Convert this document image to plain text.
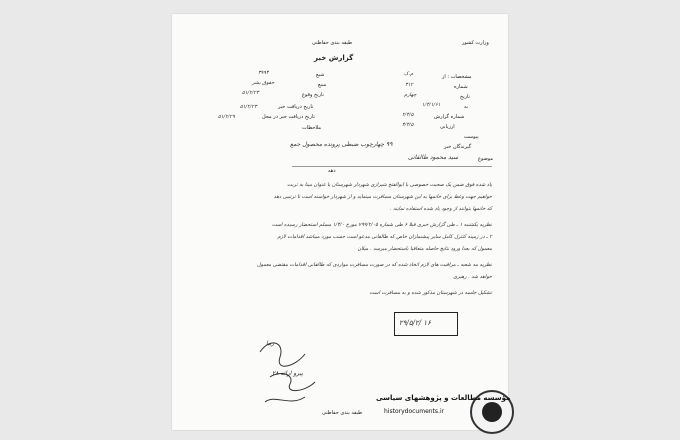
طبقه بندی حفاظتی	وزارت کشور
گزارش خبر
مشخصات : از
م.ک
شماره
۳۱۲
تاریخ
چهارم
به
۱/۴/۱/۶۱
شماره گزارش
۲/۴/۵
ارزیابی
۴/۴/۵
پیوست
گیرندگان خبر
۹۹ چهارچوب ضبطی پرونده محصول جمع
شبع
۳۹۹۴
منبع
حقوق بشر
تاریخ وقوع
۵۱/۲/۲۳
تاریخ دریافت خبر
۵۱/۲/۲۳
تاریخ دریافت خبر در محل
۵۱/۲/۲۹
ملاحظات
موضوع
سید محمود طالقانی
دهه
یاد شده فوق ضمن یک صحبت خصوصی با ابوالفتح شیرازی شهردار شهرستان با عنوان مینا به تربت
خواهیم جهت وعظ برای خانمها به این شهرستان مسافرت مینماید و از شهردار خواسته است تا ترتیبی دهد
که خانمها بتوانند از وجود یاد شده استفاده نمایند .
نظریه یکشنبه ۱ ـ طی گزارش خبری قبلا ۶ طی شماره ۷۹۹/۲/۰۵ مورخ ۱/۴/۰ مسلم استحضار رسیده است
۲ ـ در زمینه کنترل کامل سایر پیشنمازان خاص که طالقانی مدعو است حسب مورد میباشد اقدامات لازم
معمول که بعدا ورود نتایج حاصله متعاقبا باستحضار میرسد . میلان
نظریه مه شعبه ـ مراقبت های لازم اتخاذ شده که در صورت مسافرت مواردی که طالقانی اقدامات مقتضی معمول
خواهد شد . رهبری
تشکیل جلسه در شهرستان مذکور شده و به مسافرت است
۲۹/۵/۲/ ۱۶
ربیا
پیرو ارائه ۲۸
طبقه بندی حفاظتی
مؤسسه مطالعات و پژوهشهای سیاسی
historydocuments.ir
